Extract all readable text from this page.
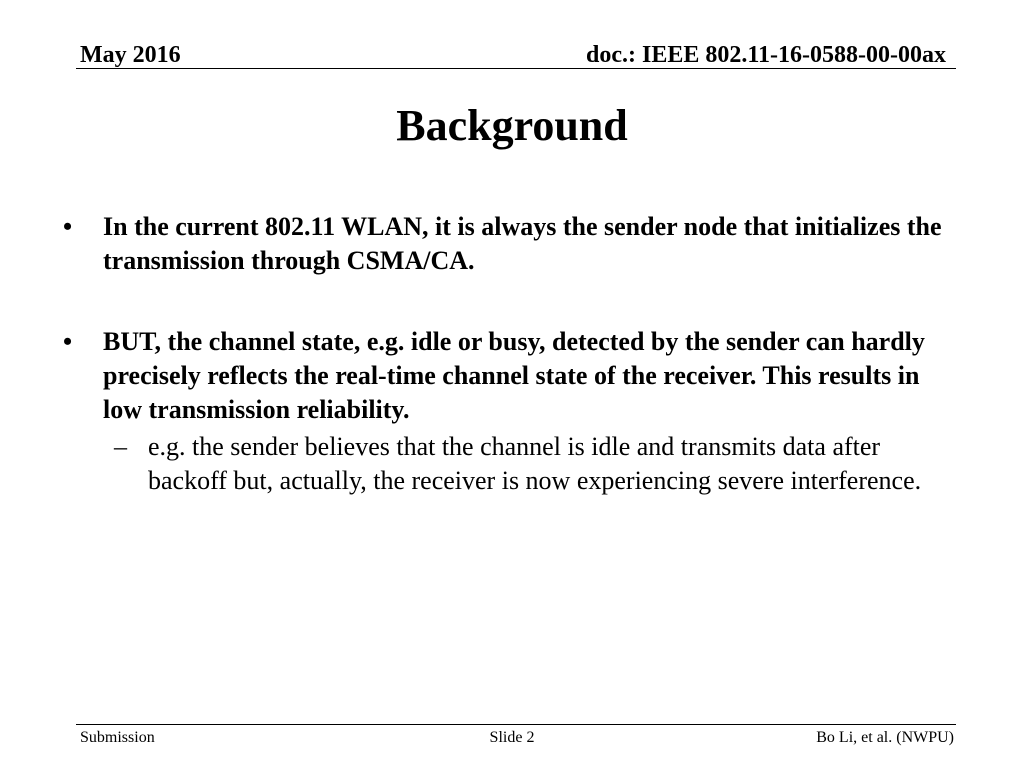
May 2016	doc.: IEEE 802.11-16-0588-00-00ax
Background
• In the current 802.11 WLAN, it is always the sender node that initializes the transmission through CSMA/CA.
• BUT, the channel state, e.g. idle or busy, detected by the sender can hardly precisely reflects the real-time channel state of the receiver. This results in low transmission reliability.
– e.g. the sender believes that the channel is idle and transmits data after backoff but, actually, the receiver is now experiencing severe interference.
Submission	Slide 2	Bo Li, et al. (NWPU)
